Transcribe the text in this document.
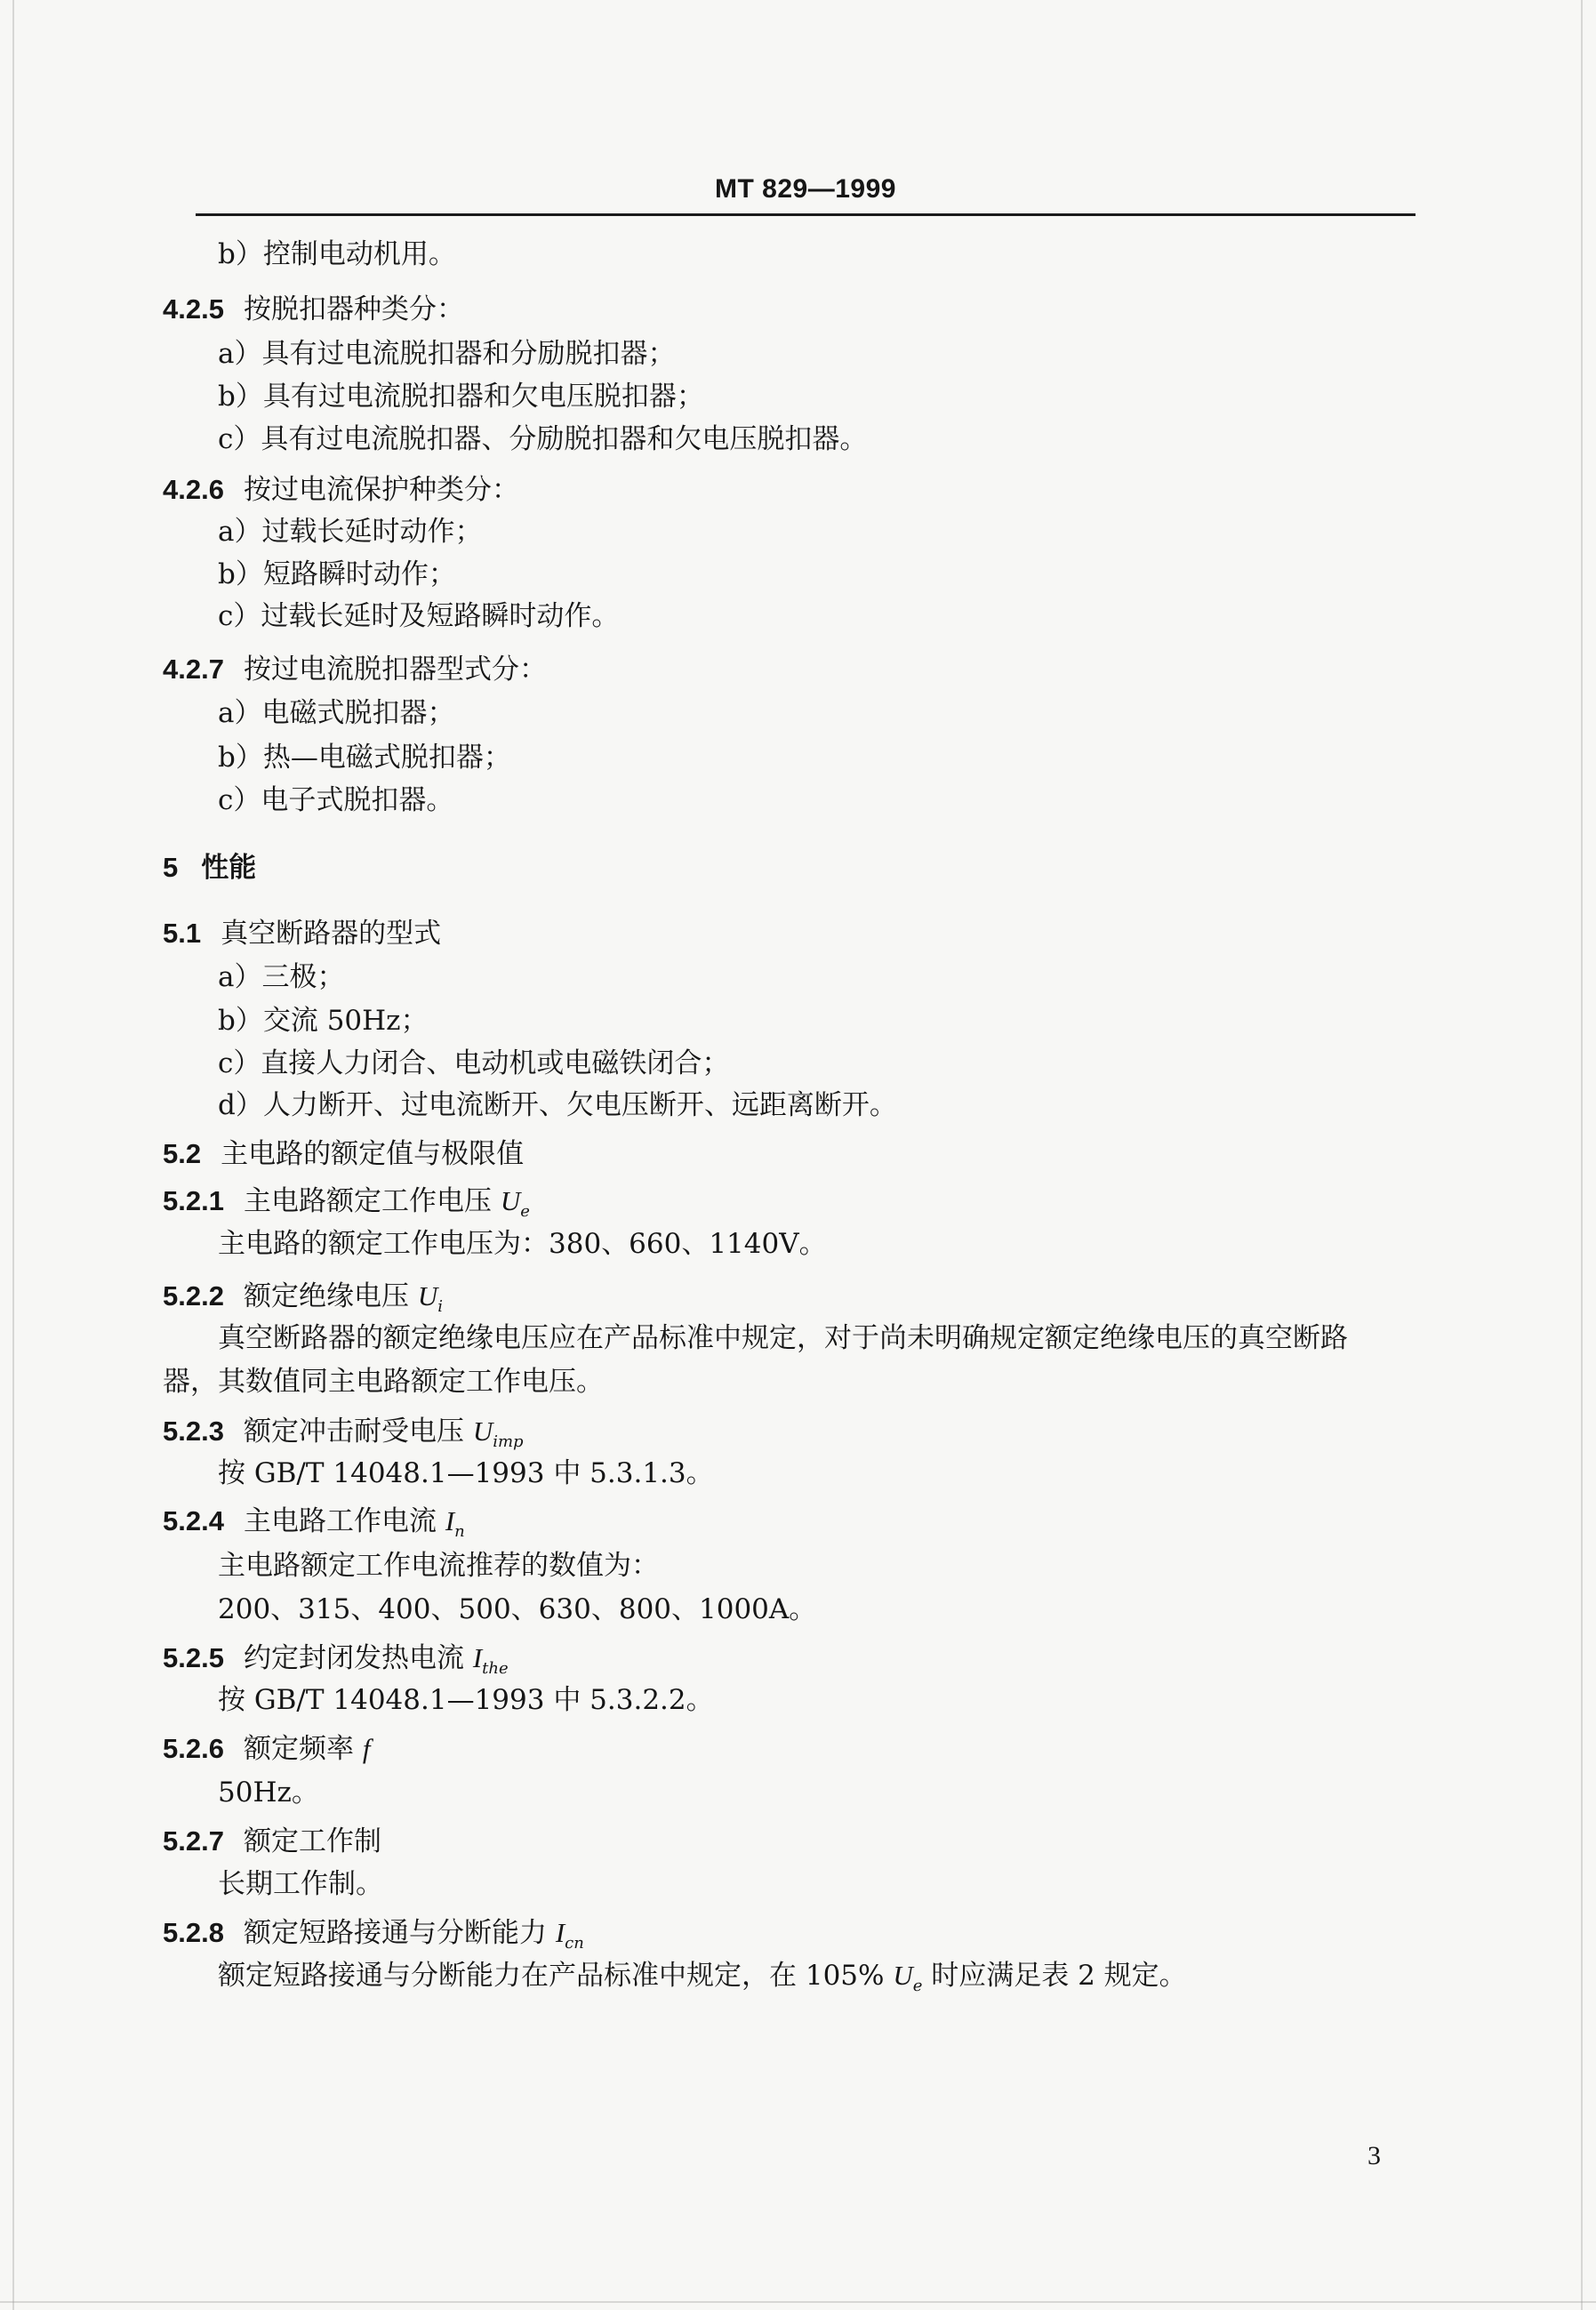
MT 829—1999
b）控制电动机用。
4.2.5 按脱扣器种类分：
a）具有过电流脱扣器和分励脱扣器；
b）具有过电流脱扣器和欠电压脱扣器；
c）具有过电流脱扣器、分励脱扣器和欠电压脱扣器。
4.2.6 按过电流保护种类分：
a）过载长延时动作；
b）短路瞬时动作；
c）过载长延时及短路瞬时动作。
4.2.7 按过电流脱扣器型式分：
a）电磁式脱扣器；
b）热—电磁式脱扣器；
c）电子式脱扣器。
5 性能
5.1 真空断路器的型式
a）三极；
b）交流 50Hz；
c）直接人力闭合、电动机或电磁铁闭合；
d）人力断开、过电流断开、欠电压断开、远距离断开。
5.2 主电路的额定值与极限值
5.2.1 主电路额定工作电压 $U_e$
主电路的额定工作电压为：380、660、1140V。
5.2.2 额定绝缘电压 $U_i$
真空断路器的额定绝缘电压应在产品标准中规定，对于尚未明确规定额定绝缘电压的真空断路
器，其数值同主电路额定工作电压。
5.2.3 额定冲击耐受电压 $U_{imp}$
按 GB/T 14048.1—1993 中 5.3.1.3。
5.2.4 主电路工作电流 $I_n$
主电路额定工作电流推荐的数值为：
200、315、400、500、630、800、1000A。
5.2.5 约定封闭发热电流 $I_{the}$
按 GB/T 14048.1—1993 中 5.3.2.2。
5.2.6 额定频率 f
50Hz。
5.2.7 额定工作制
长期工作制。
5.2.8 额定短路接通与分断能力 $I_{cn}$
额定短路接通与分断能力在产品标准中规定，在 105% $U_e$ 时应满足表 2 规定。
3
